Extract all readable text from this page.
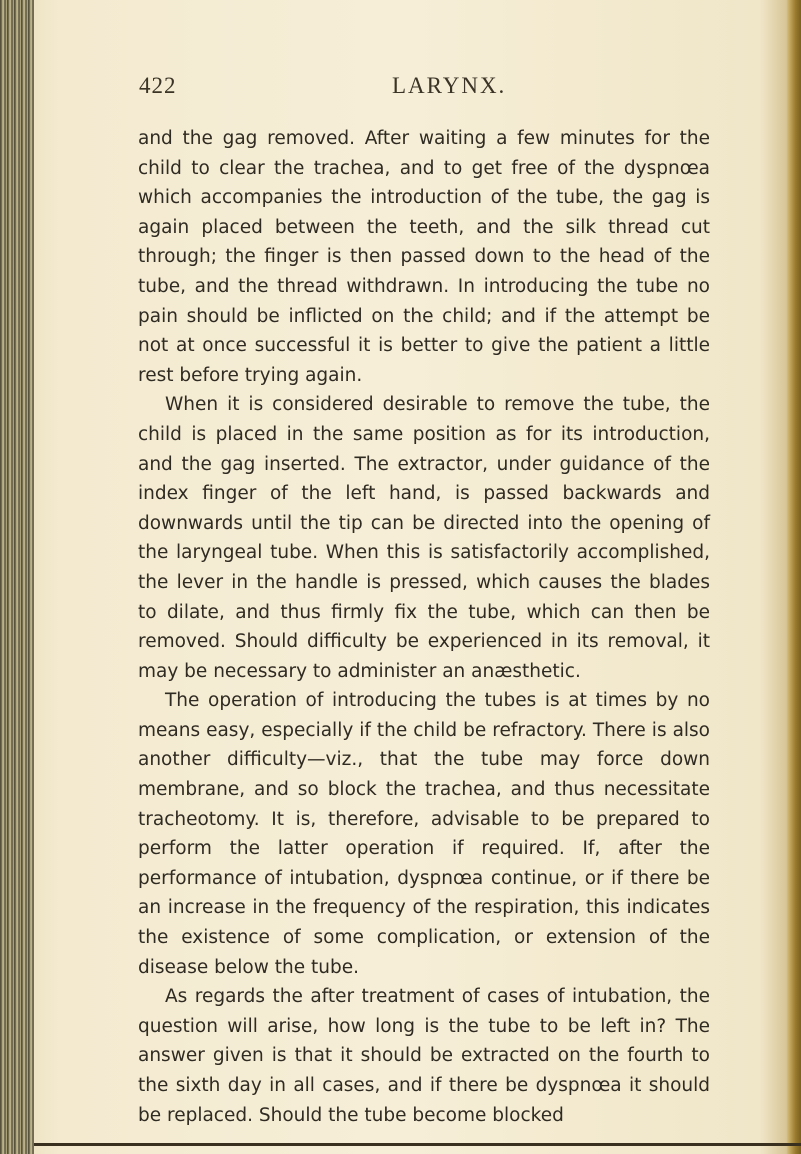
422	LARYNX.

and the gag removed. After waiting a few minutes for the child to clear the trachea, and to get free of the dyspnœa which accompanies the introduction of the tube, the gag is again placed between the teeth, and the silk thread cut through; the finger is then passed down to the head of the tube, and the thread withdrawn. In introducing the tube no pain should be inflicted on the child; and if the attempt be not at once successful it is better to give the patient a little rest before trying again.

When it is considered desirable to remove the tube, the child is placed in the same position as for its introduction, and the gag inserted. The extractor, under guidance of the index finger of the left hand, is passed backwards and downwards until the tip can be directed into the opening of the laryngeal tube. When this is satisfactorily accomplished, the lever in the handle is pressed, which causes the blades to dilate, and thus firmly fix the tube, which can then be removed. Should difficulty be experienced in its removal, it may be necessary to administer an anæsthetic.

The operation of introducing the tubes is at times by no means easy, especially if the child be refractory. There is also another difficulty—viz., that the tube may force down membrane, and so block the trachea, and thus necessitate tracheotomy. It is, therefore, advisable to be prepared to perform the latter operation if required. If, after the performance of intubation, dyspnœa continue, or if there be an increase in the frequency of the respiration, this indicates the existence of some complication, or extension of the disease below the tube.

As regards the after treatment of cases of intubation, the question will arise, how long is the tube to be left in? The answer given is that it should be extracted on the fourth to the sixth day in all cases, and if there be dyspnœa it should be replaced. Should the tube become blocked
